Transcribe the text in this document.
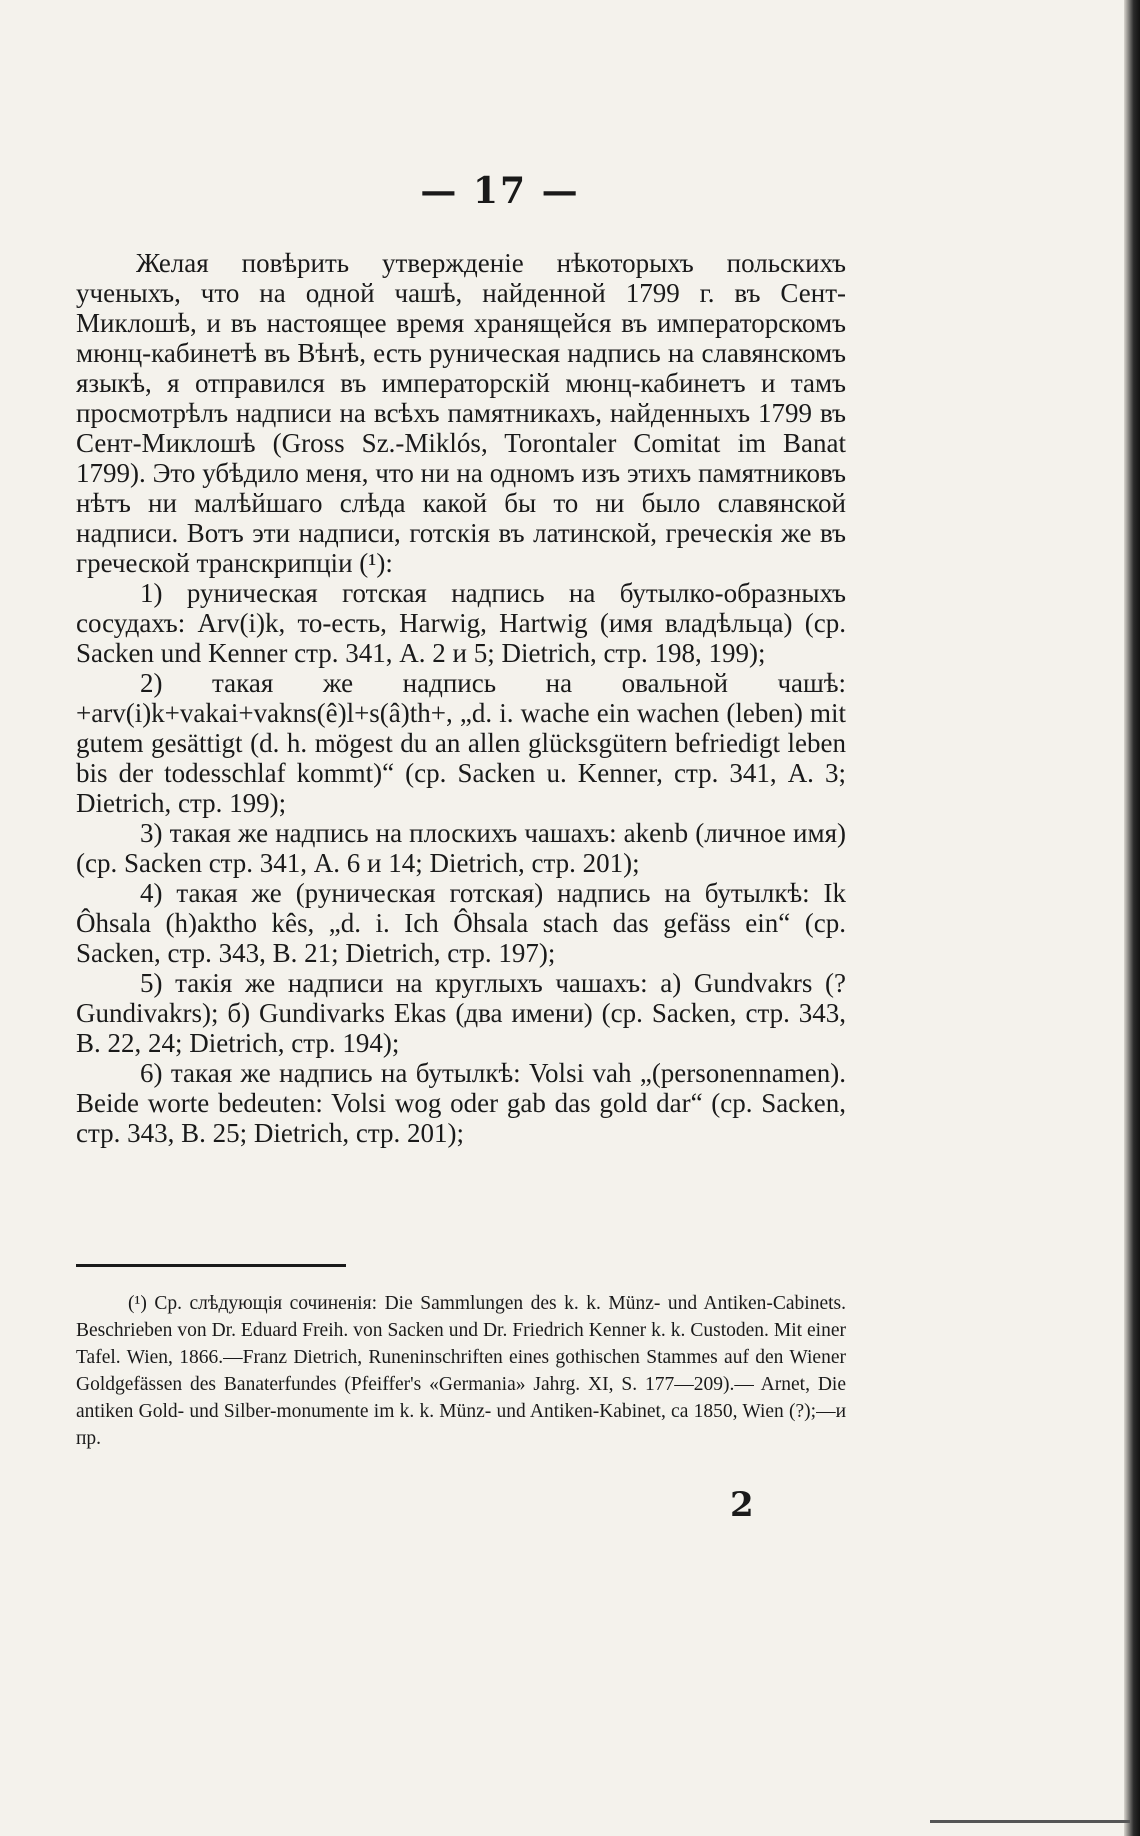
— 17 —

Желая повѣрить утвержденіе нѣкоторыхъ польскихъ ученыхъ, что на одной чашѣ, найденной 1799 г. въ Сент-Миклошѣ, и въ настоящее время хранящейся въ императорскомъ мюнц-кабинетѣ въ Вѣнѣ, есть руническая надпись на славянскомъ языкѣ, я отправился въ императорскій мюнц-кабинетъ и тамъ просмотрѣлъ надписи на всѣхъ памятникахъ, найденныхъ 1799 въ Сент-Миклошѣ (Gross Sz.-Miklós, Torontaler Comitat im Banat 1799). Это убѣдило меня, что ни на одномъ изъ этихъ памятниковъ нѣтъ ни малѣйшаго слѣда какой бы то ни было славянской надписи. Вотъ эти надписи, готскія въ латинской, греческія же въ греческой транскрипціи (¹):

1) руническая готская надпись на бутылко-образныхъ сосудахъ: Arv(i)k, то-есть, Harwig, Hartwig (имя владѣльца) (ср. Sacken und Kenner стр. 341, A. 2 и 5; Dietrich, стр. 198, 199);

2) такая же надпись на овальной чашѣ: +arv(i)k+vakai+vakns(ê)l+s(â)th+, „d. i. wache ein wachen (leben) mit gutem gesättigt (d. h. mögest du an allen glücksgütern befriedigt leben bis der todesschlaf kommt)“ (ср. Sacken u. Kenner, стр. 341, A. 3; Dietrich, стр. 199);

3) такая же надпись на плоскихъ чашахъ: akenb (личное имя) (ср. Sacken стр. 341, A. 6 и 14; Dietrich, стр. 201);

4) такая же (руническая готская) надпись на бутылкѣ: Ik Ôhsala (h)aktho kês, „d. i. Ich Ôhsala stach das gefäss ein“ (ср. Sacken, стр. 343, B. 21; Dietrich, стр. 197);

5) такія же надписи на круглыхъ чашахъ: а) Gundvakrs (? Gundivakrs); б) Gundivarks Ekas (два имени) (ср. Sacken, стр. 343, B. 22, 24; Dietrich, стр. 194);

6) такая же надпись на бутылкѣ: Volsi vah „(personennamen). Beide worte bedeuten: Volsi wog oder gab das gold dar“ (ср. Sacken, стр. 343, B. 25; Dietrich, стр. 201);

(¹) Ср. слѣдующія сочиненія: Die Sammlungen des k. k. Münz- und Antiken-Cabinets. Beschrieben von Dr. Eduard Freih. von Sacken und Dr. Friedrich Kenner k. k. Custoden. Mit einer Tafel. Wien, 1866.—Franz Dietrich, Runeninschriften eines gothischen Stammes auf den Wiener Goldgefässen des Banaterfundes (Pfeiffer's «Germania» Jahrg. XI, S. 177—209).— Arnet, Die antiken Gold- und Silber-monumente im k. k. Münz- und Antiken-Kabinet, ca 1850, Wien (?);—и пр.

2
